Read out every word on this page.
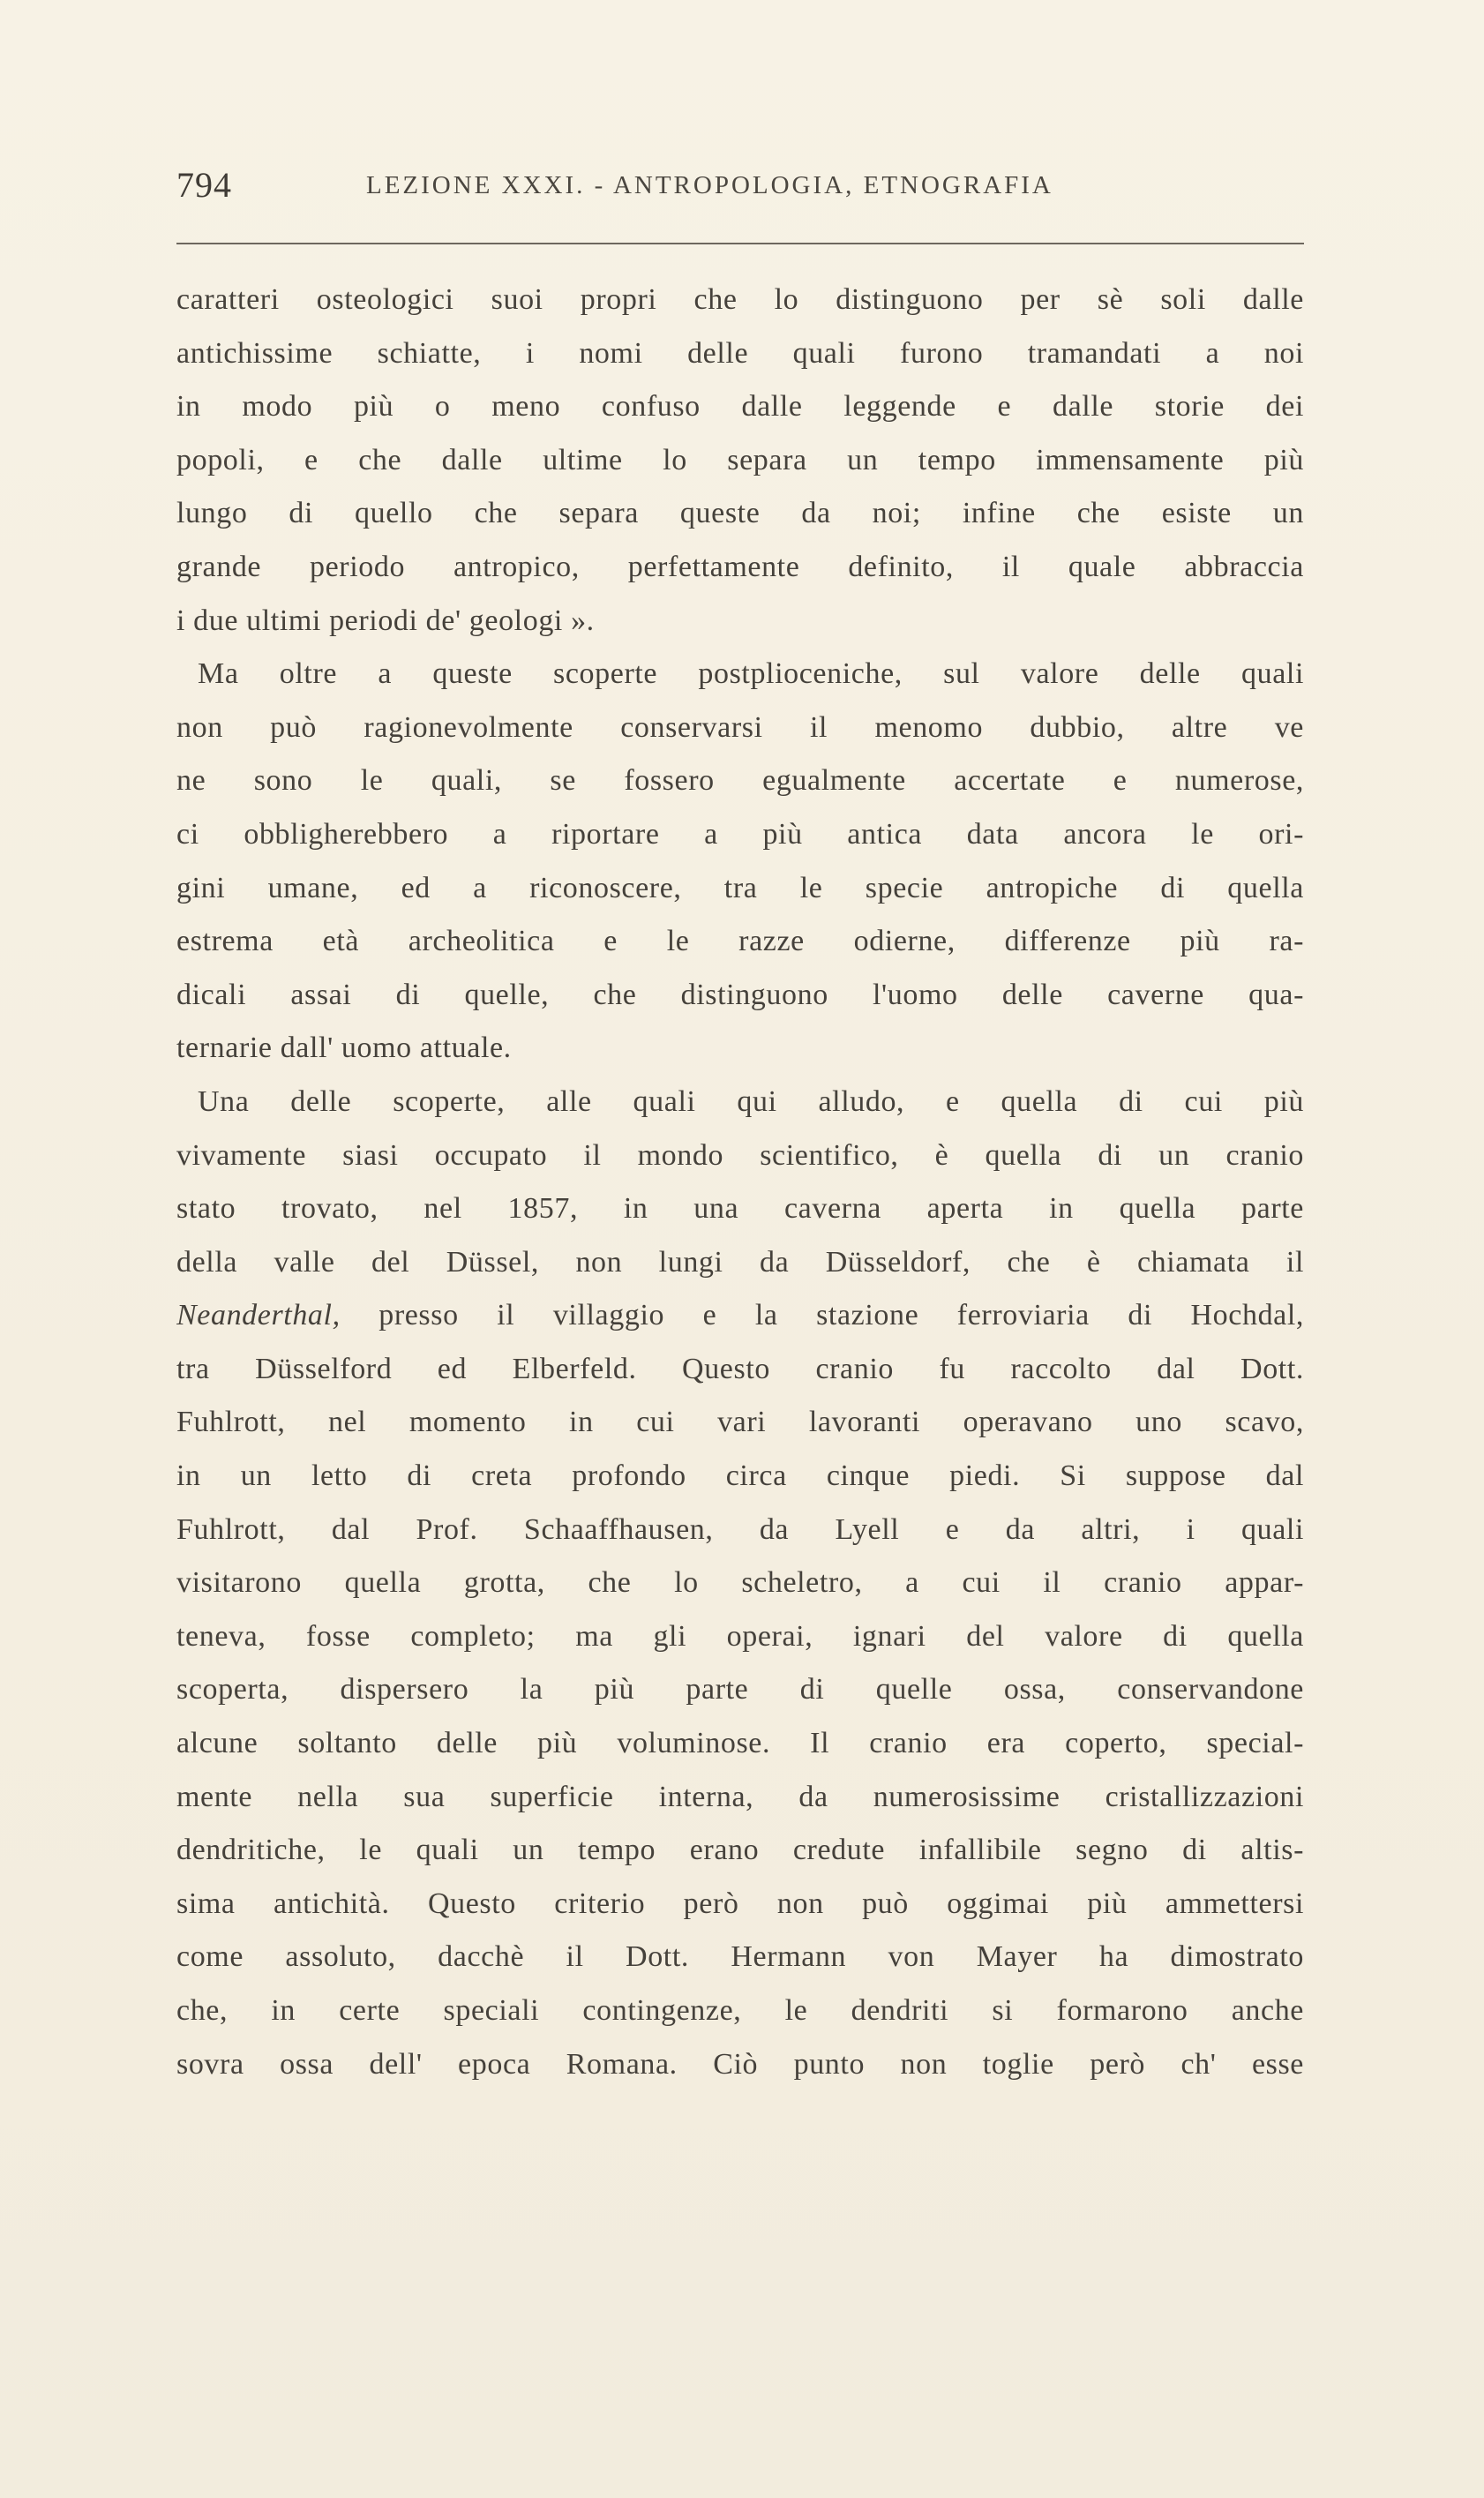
794	LEZIONE XXXI. - ANTROPOLOGIA, ETNOGRAFIA
caratteri osteologici suoi propri che lo distinguono per sè soli dalle
antichissime schiatte, i nomi delle quali furono tramandati a noi
in modo più o meno confuso dalle leggende e dalle storie dei
popoli, e che dalle ultime lo separa un tempo immensamente più
lungo di quello che separa queste da noi; infine che esiste un
grande periodo antropico, perfettamente definito, il quale abbraccia
i due ultimi periodi de' geologi ».
Ma oltre a queste scoperte postplioceniche, sul valore delle quali
non può ragionevolmente conservarsi il menomo dubbio, altre ve
ne sono le quali, se fossero egualmente accertate e numerose,
ci obbligherebbero a riportare a più antica data ancora le ori-
gini umane, ed a riconoscere, tra le specie antropiche di quella
estrema età archeolitica e le razze odierne, differenze più ra-
dicali assai di quelle, che distinguono l'uomo delle caverne qua-
ternarie dall' uomo attuale.
Una delle scoperte, alle quali qui alludo, e quella di cui più
vivamente siasi occupato il mondo scientifico, è quella di un cranio
stato trovato, nel 1857, in una caverna aperta in quella parte
della valle del Düssel, non lungi da Düsseldorf, che è chiamata il
Neanderthal, presso il villaggio e la stazione ferroviaria di Hochdal,
tra Düsselford ed Elberfeld. Questo cranio fu raccolto dal Dott.
Fuhlrott, nel momento in cui vari lavoranti operavano uno scavo,
in un letto di creta profondo circa cinque piedi. Si suppose dal
Fuhlrott, dal Prof. Schaaffhausen, da Lyell e da altri, i quali
visitarono quella grotta, che lo scheletro, a cui il cranio appar-
teneva, fosse completo; ma gli operai, ignari del valore di quella
scoperta, dispersero la più parte di quelle ossa, conservandone
alcune soltanto delle più voluminose. Il cranio era coperto, special-
mente nella sua superficie interna, da numerosissime cristallizzazioni
dendritiche, le quali un tempo erano credute infallibile segno di altis-
sima antichità. Questo criterio però non può oggimai più ammettersi
come assoluto, dacchè il Dott. Hermann von Mayer ha dimostrato
che, in certe speciali contingenze, le dendriti si formarono anche
sovra ossa dell' epoca Romana. Ciò punto non toglie però ch' esse
